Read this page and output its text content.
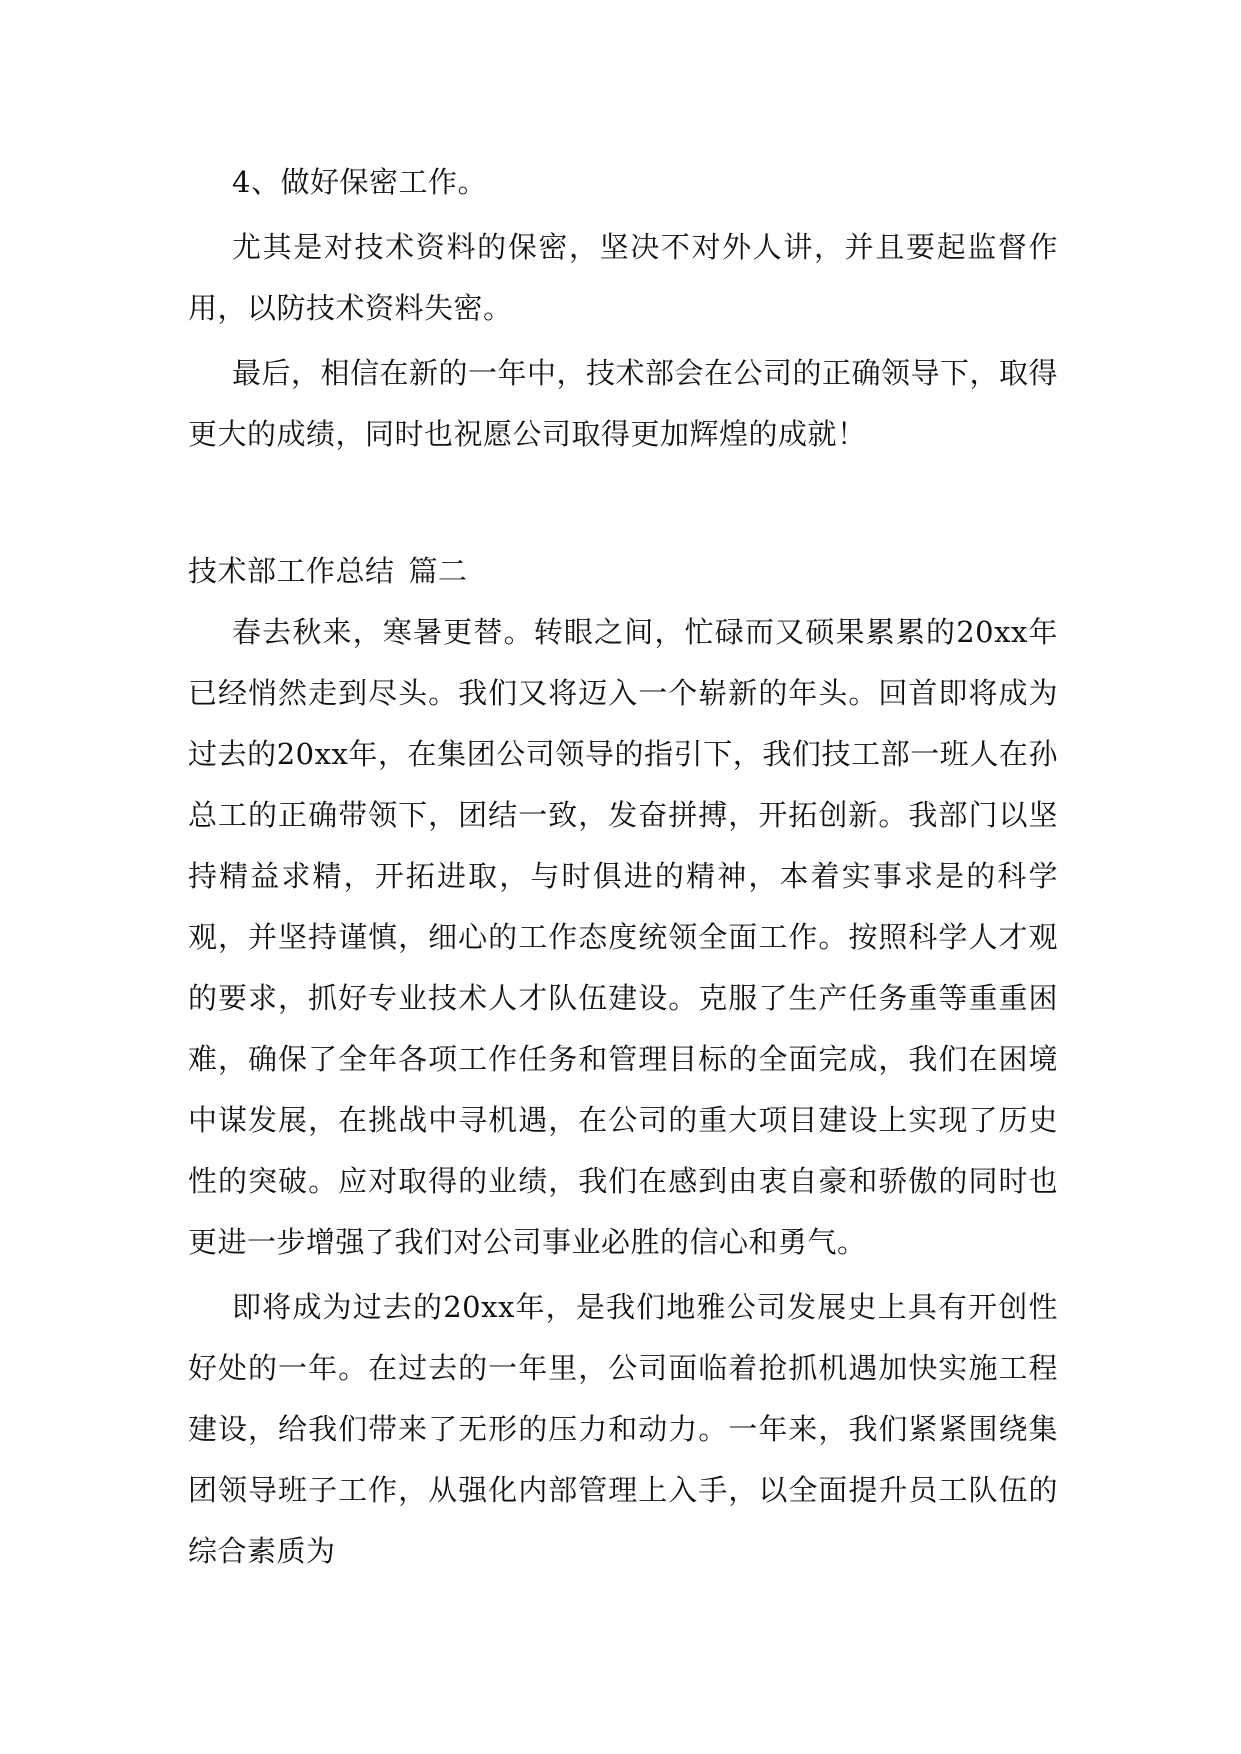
4、做好保密工作。

尤其是对技术资料的保密，坚决不对外人讲，并且要起监督作用，以防技术资料失密。

最后，相信在新的一年中，技术部会在公司的正确领导下，取得更大的成绩，同时也祝愿公司取得更加辉煌的成就！

技术部工作总结 篇二

春去秋来，寒暑更替。转眼之间，忙碌而又硕果累累的20xx年已经悄然走到尽头。我们又将迈入一个崭新的年头。回首即将成为过去的20xx年，在集团公司领导的指引下，我们技工部一班人在孙总工的正确带领下，团结一致，发奋拼搏，开拓创新。我部门以坚持精益求精，开拓进取，与时俱进的精神，本着实事求是的科学观，并坚持谨慎，细心的工作态度统领全面工作。按照科学人才观的要求，抓好专业技术人才队伍建设。克服了生产任务重等重重困难，确保了全年各项工作任务和管理目标的全面完成，我们在困境中谋发展，在挑战中寻机遇，在公司的重大项目建设上实现了历史性的突破。应对取得的业绩，我们在感到由衷自豪和骄傲的同时也更进一步增强了我们对公司事业必胜的信心和勇气。

即将成为过去的20xx年，是我们地雅公司发展史上具有开创性好处的一年。在过去的一年里，公司面临着抢抓机遇加快实施工程建设，给我们带来了无形的压力和动力。一年来，我们紧紧围绕集团领导班子工作，从强化内部管理上入手，以全面提升员工队伍的综合素质为
